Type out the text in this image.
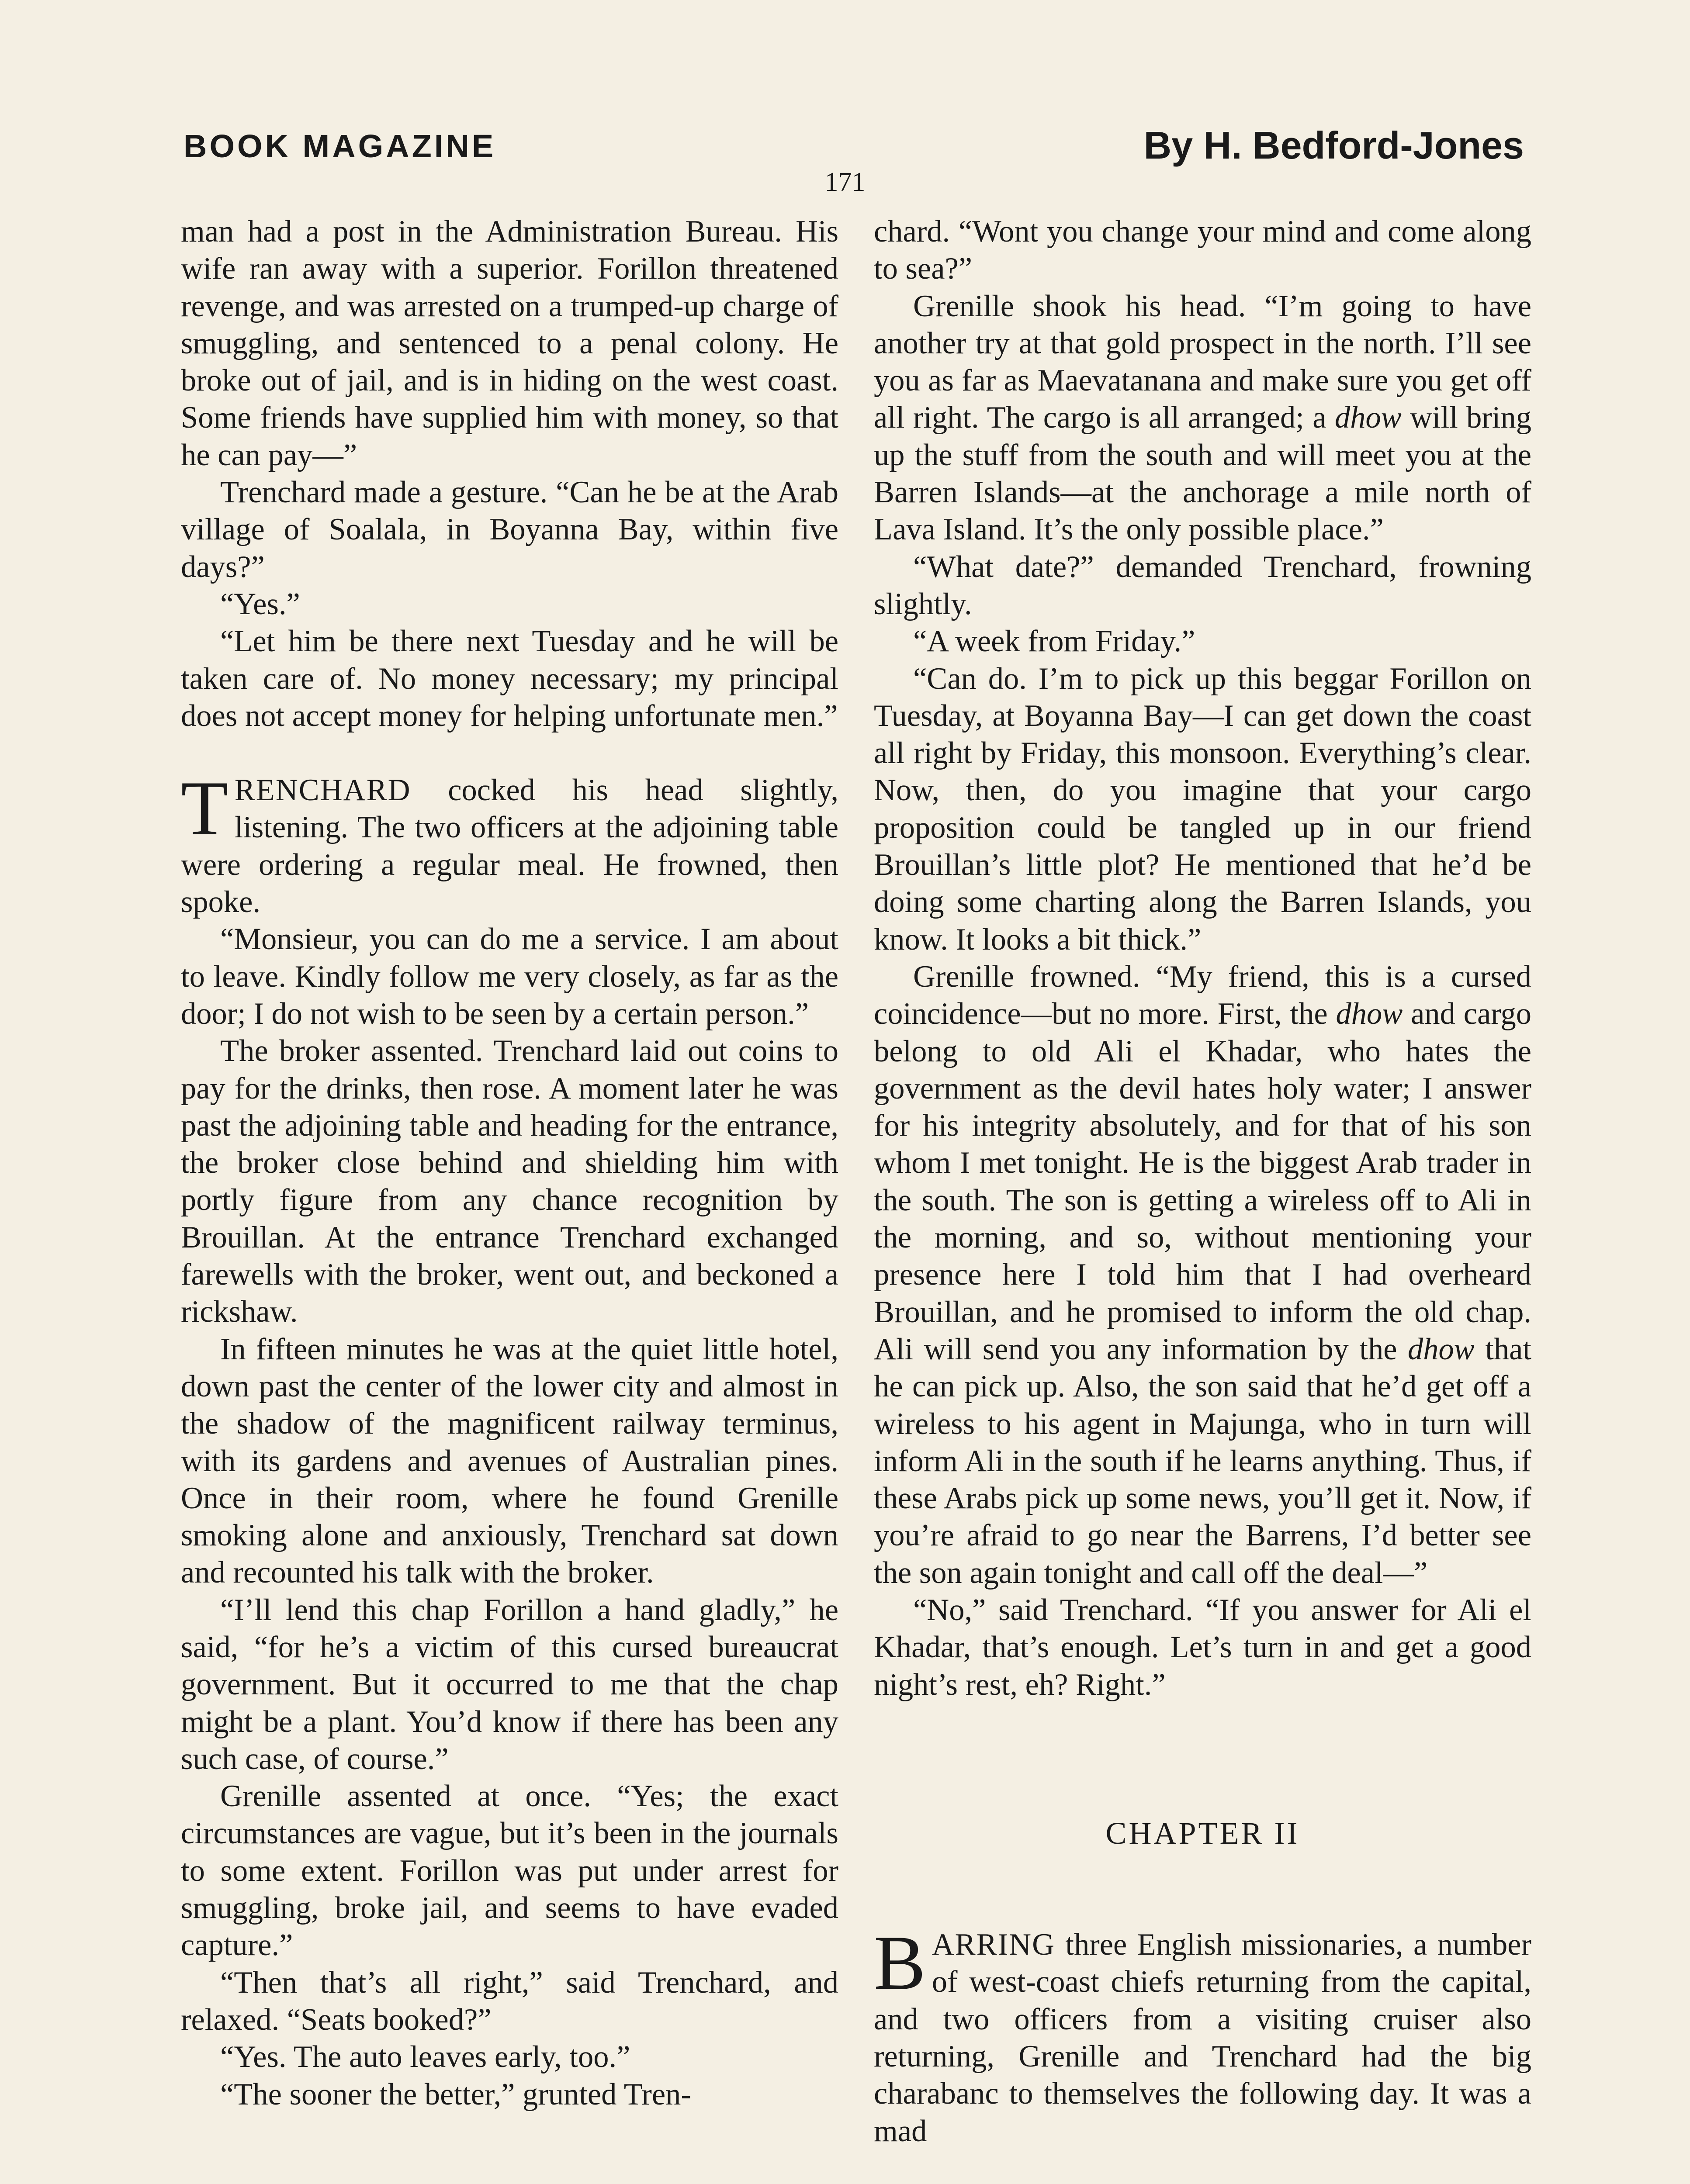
BOOK MAGAZINE	By H. Bedford-Jones
171

man had a post in the Administration Bureau. His wife ran away with a superior. Forillon threatened revenge, and was arrested on a trumped-up charge of smuggling, and sentenced to a penal colony. He broke out of jail, and is in hiding on the west coast. Some friends have supplied him with money, so that he can pay—”

Trenchard made a gesture. “Can he be at the Arab village of Soalala, in Boyanna Bay, within five days?”

“Yes.”

“Let him be there next Tuesday and he will be taken care of. No money necessary; my principal does not accept money for helping unfortunate men.”

TRENCHARD cocked his head slightly, listening. The two officers at the adjoining table were ordering a regular meal. He frowned, then spoke.

“Monsieur, you can do me a service. I am about to leave. Kindly follow me very closely, as far as the door; I do not wish to be seen by a certain person.”

The broker assented. Trenchard laid out coins to pay for the drinks, then rose. A moment later he was past the adjoining table and heading for the entrance, the broker close behind and shielding him with portly figure from any chance recognition by Brouillan. At the entrance Trenchard exchanged farewells with the broker, went out, and beckoned a rickshaw.

In fifteen minutes he was at the quiet little hotel, down past the center of the lower city and almost in the shadow of the magnificent railway terminus, with its gardens and avenues of Australian pines. Once in their room, where he found Grenille smoking alone and anxiously, Trenchard sat down and recounted his talk with the broker.

“I’ll lend this chap Forillon a hand gladly,” he said, “for he’s a victim of this cursed bureaucrat government. But it occurred to me that the chap might be a plant. You’d know if there has been any such case, of course.”

Grenille assented at once. “Yes; the exact circumstances are vague, but it’s been in the journals to some extent. Forillon was put under arrest for smuggling, broke jail, and seems to have evaded capture.”

“Then that’s all right,” said Trenchard, and relaxed. “Seats booked?”

“Yes. The auto leaves early, too.”

“The sooner the better,” grunted Tren-

chard. “Wont you change your mind and come along to sea?”

Grenille shook his head. “I’m going to have another try at that gold prospect in the north. I’ll see you as far as Maevatanana and make sure you get off all right. The cargo is all arranged; a dhow will bring up the stuff from the south and will meet you at the Barren Islands—at the anchorage a mile north of Lava Island. It’s the only possible place.”

“What date?” demanded Trenchard, frowning slightly.

“A week from Friday.”

“Can do. I’m to pick up this beggar Forillon on Tuesday, at Boyanna Bay—I can get down the coast all right by Friday, this monsoon. Everything’s clear. Now, then, do you imagine that your cargo proposition could be tangled up in our friend Brouillan’s little plot? He mentioned that he’d be doing some charting along the Barren Islands, you know. It looks a bit thick.”

Grenille frowned. “My friend, this is a cursed coincidence—but no more. First, the dhow and cargo belong to old Ali el Khadar, who hates the government as the devil hates holy water; I answer for his integrity absolutely, and for that of his son whom I met tonight. He is the biggest Arab trader in the south. The son is getting a wireless off to Ali in the morning, and so, without mentioning your presence here I told him that I had overheard Brouillan, and he promised to inform the old chap. Ali will send you any information by the dhow that he can pick up. Also, the son said that he’d get off a wireless to his agent in Majunga, who in turn will inform Ali in the south if he learns anything. Thus, if these Arabs pick up some news, you’ll get it. Now, if you’re afraid to go near the Barrens, I’d better see the son again tonight and call off the deal—”

“No,” said Trenchard. “If you answer for Ali el Khadar, that’s enough. Let’s turn in and get a good night’s rest, eh? Right.”

CHAPTER II

BARRING three English missionaries, a number of west-coast chiefs returning from the capital, and two officers from a visiting cruiser also returning, Grenille and Trenchard had the big charabanc to themselves the following day. It was a mad
